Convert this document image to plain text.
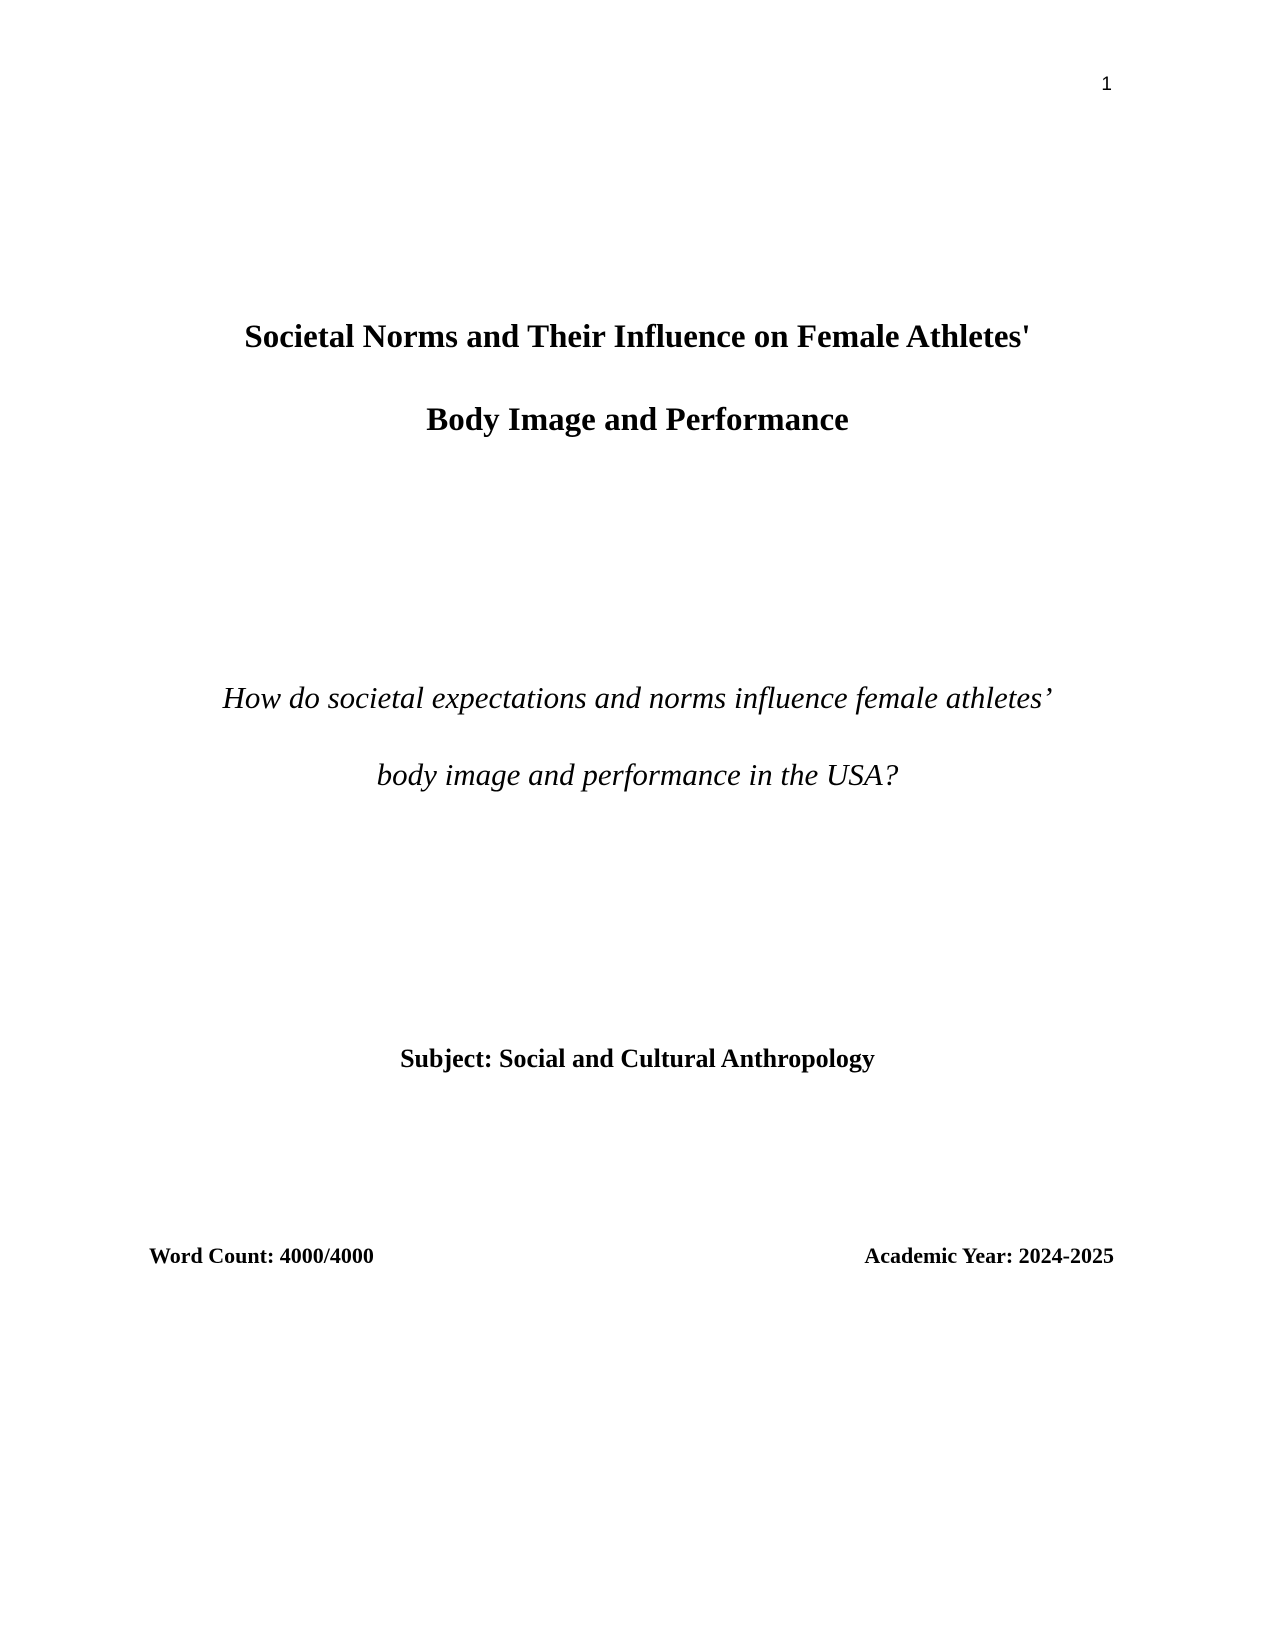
1

Societal Norms and Their Influence on Female Athletes'

Body Image and Performance

How do societal expectations and norms influence female athletes’

body image and performance in the USA?

Subject: Social and Cultural Anthropology
Word Count: 4000/4000	Academic Year: 2024-2025
